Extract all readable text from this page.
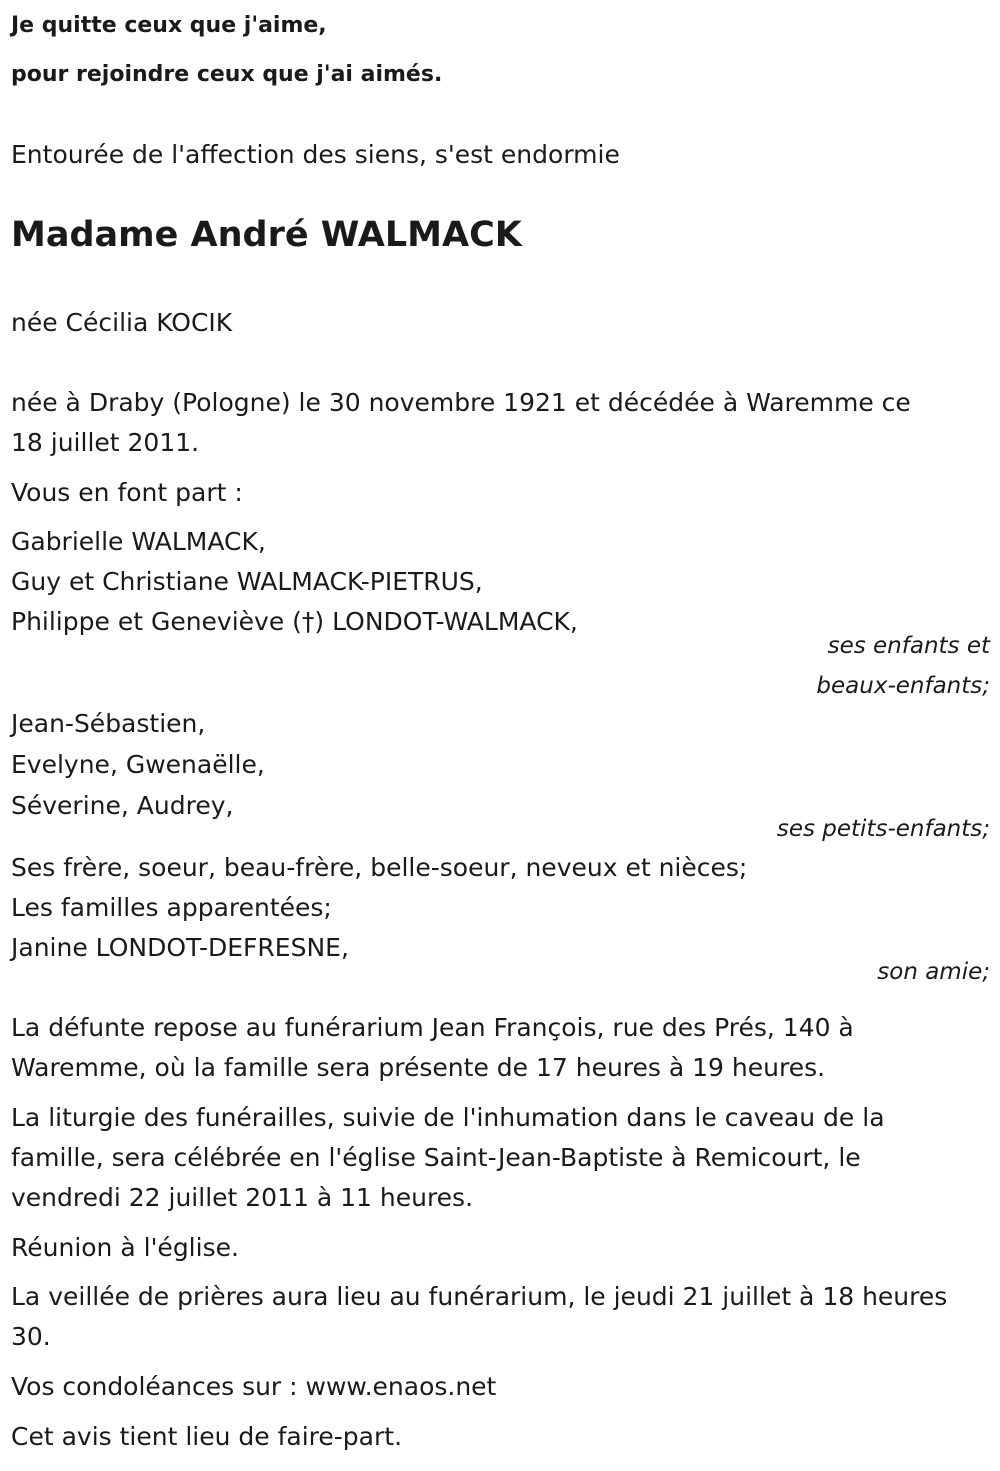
Je quitte ceux que j'aime,

pour rejoindre ceux que j'ai aimés.

Entourée de l'affection des siens, s'est endormie

Madame André WALMACK

née Cécilia KOCIK

née à Draby (Pologne) le 30 novembre 1921 et décédée à Waremme ce

18 juillet 2011.

Vous en font part :

Gabrielle WALMACK,

Guy et Christiane WALMACK-PIETRUS,

Philippe et Geneviève (†) LONDOT-WALMACK,

ses enfants et

beaux-enfants;

Jean-Sébastien,

Evelyne, Gwenaëlle,

Séverine, Audrey,

ses petits-enfants;

Ses frère, soeur, beau-frère, belle-soeur, neveux et nièces;

Les familles apparentées;

Janine LONDOT-DEFRESNE,

son amie;

La défunte repose au funérarium Jean François, rue des Prés, 140 à

Waremme, où la famille sera présente de 17 heures à 19 heures.

La liturgie des funérailles, suivie de l'inhumation dans le caveau de la

famille, sera célébrée en l'église Saint-Jean-Baptiste à Remicourt, le

vendredi 22 juillet 2011 à 11 heures.

Réunion à l'église.

La veillée de prières aura lieu au funérarium, le jeudi 21 juillet à 18 heures

30.

Vos condoléances sur : www.enaos.net

Cet avis tient lieu de faire-part.
